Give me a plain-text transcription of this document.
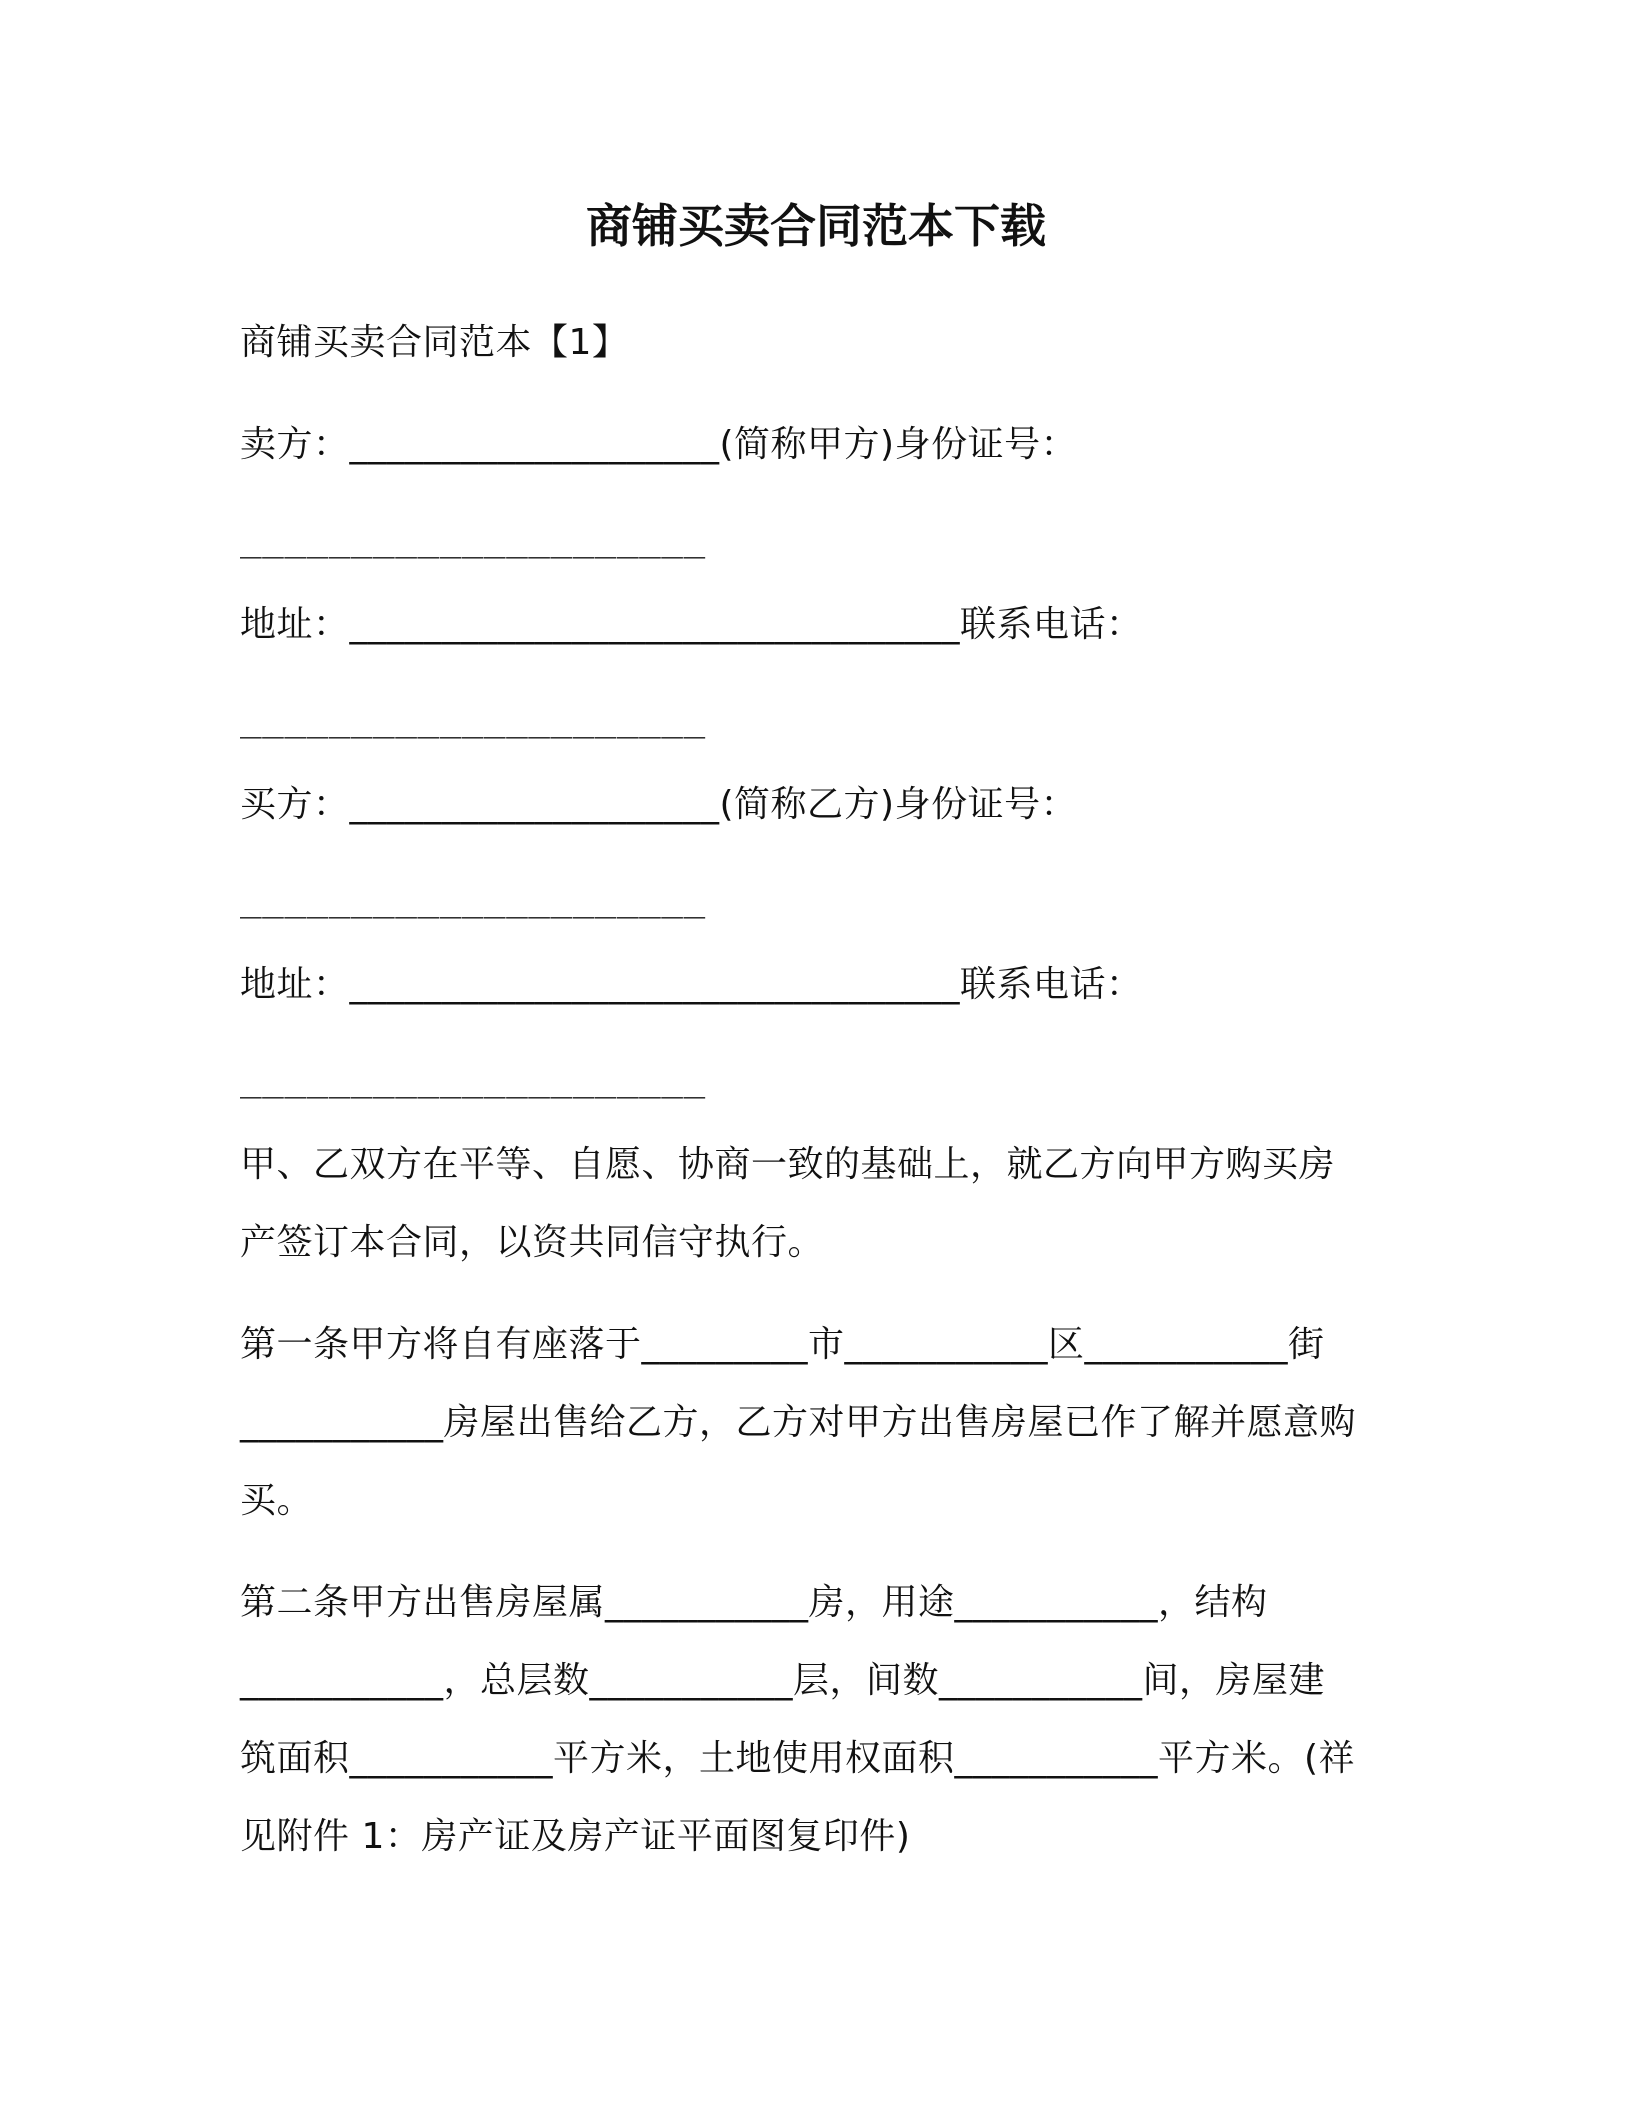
商铺买卖合同范本下载
商铺买卖合同范本【1】
卖方：____________________(简称甲方)身份证号：
_____________________
地址：_________________________________联系电话：
_____________________
买方：____________________(简称乙方)身份证号：
_____________________
地址：_________________________________联系电话：
_____________________
甲、乙双方在平等、自愿、协商一致的基础上，就乙方向甲方购买房
产签订本合同，以资共同信守执行。
第一条甲方将自有座落于_________市___________区___________街
___________房屋出售给乙方，乙方对甲方出售房屋已作了解并愿意购
买。
第二条甲方出售房屋属___________房，用途___________，结构
___________，总层数___________层，间数___________间，房屋建
筑面积___________平方米，土地使用权面积___________平方米。(祥
见附件 1：房产证及房产证平面图复印件)
